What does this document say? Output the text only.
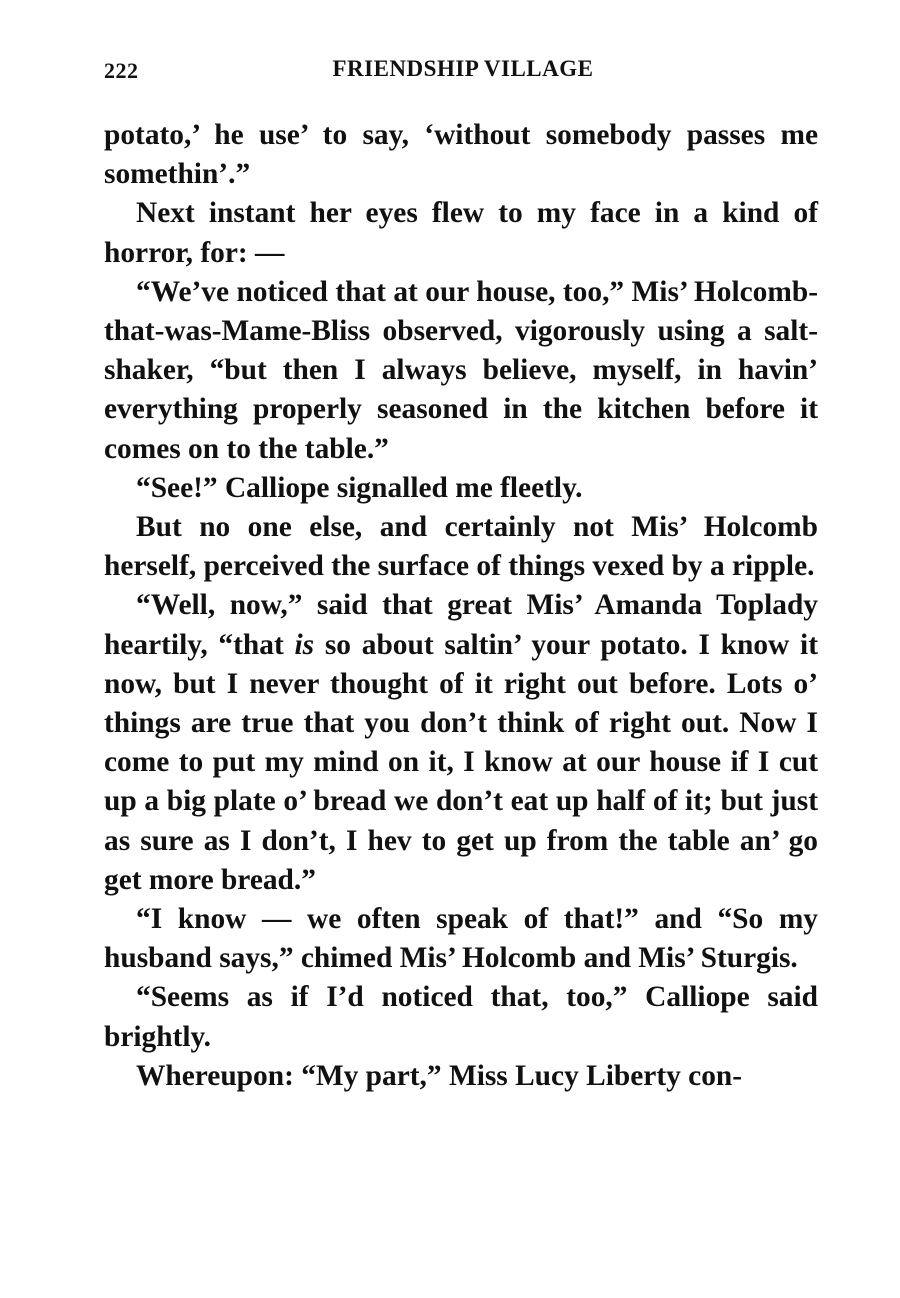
222	FRIENDSHIP VILLAGE

potato,’ he use’ to say, ‘without somebody passes me somethin’.”

Next instant her eyes flew to my face in a kind of horror, for: —

“We’ve noticed that at our house, too,” Mis’ Holcomb-that-was-Mame-Bliss observed, vigorously using a salt-shaker, “but then I always believe, myself, in havin’ everything properly seasoned in the kitchen before it comes on to the table.”

“See!” Calliope signalled me fleetly.

But no one else, and certainly not Mis’ Holcomb herself, perceived the surface of things vexed by a ripple.

“Well, now,” said that great Mis’ Amanda Toplady heartily, “that is so about saltin’ your potato. I know it now, but I never thought of it right out before. Lots o’ things are true that you don’t think of right out. Now I come to put my mind on it, I know at our house if I cut up a big plate o’ bread we don’t eat up half of it; but just as sure as I don’t, I hev to get up from the table an’ go get more bread.”

“I know — we often speak of that!” and “So my husband says,” chimed Mis’ Holcomb and Mis’ Sturgis.

“Seems as if I’d noticed that, too,” Calliope said brightly.

Whereupon: “My part,” Miss Lucy Liberty con-
